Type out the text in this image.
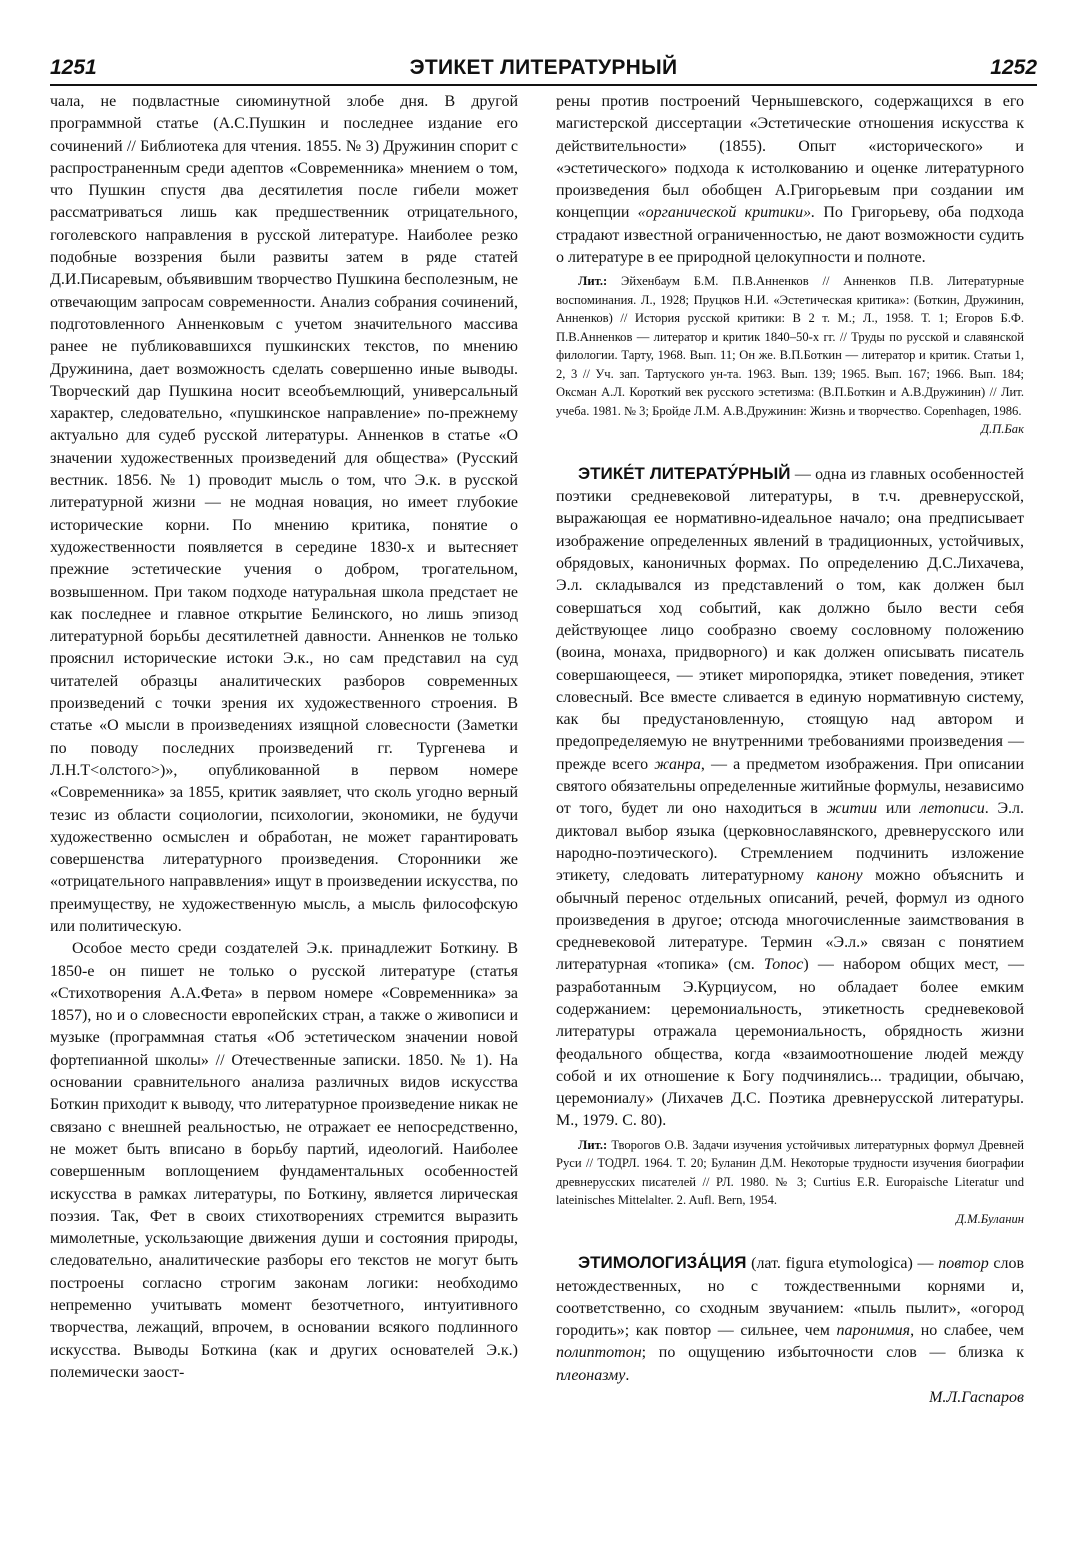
1251	ЭТИКЕТ ЛИТЕРАТУРНЫЙ	1252

чала, не подвластные сиюминутной злобе дня. В другой программной статье (А.С.Пушкин и последнее издание его сочинений // Библиотека для чтения. 1855. № 3) Дружинин спорит с распространенным среди адептов «Современника» мнением о том, что Пушкин спустя два десятилетия после гибели может рассматриваться лишь как предшественник отрицательного, гоголевского направления в русской литературе. Наиболее резко подобные воззрения были развиты затем в ряде статей Д.И.Писаревым, объявившим творчество Пушкина бесполезным, не отвечающим запросам современности. Анализ собрания сочинений, подготовленного Анненковым с учетом значительного массива ранее не публиковавшихся пушкинских текстов, по мнению Дружинина, дает возможность сделать совершенно иные выводы. Творческий дар Пушкина носит всеобъемлющий, универсальный характер, следовательно, «пушкинское направление» по-прежнему актуально для судеб русской литературы. Анненков в статье «О значении художественных произведений для общества» (Русский вестник. 1856. № 1) проводит мысль о том, что Э.к. в русской литературной жизни — не модная новация, но имеет глубокие исторические корни. По мнению критика, понятие о художественности появляется в середине 1830-х и вытесняет прежние эстетические учения о добром, трогательном, возвышенном. При таком подходе натуральная школа предстает не как последнее и главное открытие Белинского, но лишь эпизод литературной борьбы десятилетней давности. Анненков не только прояснил исторические истоки Э.к., но сам представил на суд читателей образцы аналитических разборов современных произведений с точки зрения их художественного строения. В статье «О мысли в произведениях изящной словесности (Заметки по поводу последних произведений гг. Тургенева и Л.Н.Т<олстого>)», опубликованной в первом номере «Современника» за 1855, критик заявляет, что сколь угодно верный тезис из области социологии, психологии, экономики, не будучи художественно осмыслен и обработан, не может гарантировать совершенства литературного произведения. Сторонники же «отрицательного направвления» ищут в произведении искусства, по преимуществу, не художественную мысль, а мысль философскую или политическую.

Особое место среди создателей Э.к. принадлежит Боткину. В 1850-е он пишет не только о русской литературе (статья «Стихотворения А.А.Фета» в первом номере «Современника» за 1857), но и о словесности европейских стран, а также о живописи и музыке (программная статья «Об эстетическом значении новой фортепианной школы» // Отечественные записки. 1850. № 1). На основании сравнительного анализа различных видов искусства Боткин приходит к выводу, что литературное произведение никак не связано с внешней реальностью, не отражает ее непосредственно, не может быть вписано в борьбу партий, идеологий. Наиболее совершенным воплощением фундаментальных особенностей искусства в рамках литературы, по Боткину, является лирическая поэзия. Так, Фет в своих стихотворениях стремится выразить мимолетные, ускользающие движения души и состояния природы, следовательно, аналитические разборы его текстов не могут быть построены согласно строгим законам логики: необходимо непременно учитывать момент безотчетного, интуитивного творчества, лежащий, впрочем, в основании всякого подлинного искусства. Выводы Боткина (как и других основателей Э.к.) полемически заост-

рены против построений Чернышевского, содержащихся в его магистерской диссертации «Эстетические отношения искусства к действительности» (1855). Опыт «исторического» и «эстетического» подхода к истолкованию и оценке литературного произведения был обобщен А.Григорьевым при создании им концепции «органической критики». По Григорьеву, оба подхода страдают известной ограниченностью, не дают возможности судить о литературе в ее природной целокупности и полноте.

Лит.: Эйхенбаум Б.М. П.В.Анненков // Анненков П.В. Литературные воспоминания. Л., 1928; Пруцков Н.И. «Эстетическая критика»: (Боткин, Дружинин, Анненков) // История русской критики: В 2 т. М.; Л., 1958. Т. 1; Егоров Б.Ф. П.В.Анненков — литератор и критик 1840–50-х гг. // Труды по русской и славянской филологии. Тарту, 1968. Вып. 11; Он же. В.П.Боткин — литератор и критик. Статьи 1, 2, 3 // Уч. зап. Тартуского ун-та. 1963. Вып. 139; 1965. Вып. 167; 1966. Вып. 184; Оксман А.Л. Короткий век русского эстетизма: (В.П.Боткин и А.В.Дружинин) // Лит. учеба. 1981. № 3; Бройде Л.М. А.В.Дружинин: Жизнь и творчество. Copenhagen, 1986.
Д.П.Бак

ЭТИКЕ́Т ЛИТЕРАТУ́РНЫЙ — одна из главных особенностей поэтики средневековой литературы, в т.ч. древнерусской, выражающая ее нормативно-идеальное начало; она предписывает изображение определенных явлений в традиционных, устойчивых, обрядовых, каноничных формах. По определению Д.С.Лихачева, Э.л. складывался из представлений о том, как должен был совершаться ход событий, как должно было вести себя действующее лицо сообразно своему сословному положению (воина, монаха, придворного) и как должен описывать писатель совершающееся, — этикет миропорядка, этикет поведения, этикет словесный. Все вместе сливается в единую нормативную систему, как бы предустановленную, стоящую над автором и предопределяемую не внутренними требованиями произведения — прежде всего жанра, — а предметом изображения. При описании святого обязательны определенные житийные формулы, независимо от того, будет ли оно находиться в житии или летописи. Э.л. диктовал выбор языка (церковнославянского, древнерусского или народно-поэтического). Стремлением подчинить изложение этикету, следовать литературному канону можно объяснить и обычный перенос отдельных описаний, речей, формул из одного произведения в другое; отсюда многочисленные заимствования в средневековой литературе. Термин «Э.л.» связан с понятием литературная «топика» (см. Топос) — набором общих мест, — разработанным Э.Курциусом, но обладает более емким содержанием: церемониальность, этикетность средневековой литературы отражала церемониальность, обрядность жизни феодального общества, когда «взаимоотношение людей между собой и их отношение к Богу подчинялись... традиции, обычаю, церемониалу» (Лихачев Д.С. Поэтика древнерусской литературы. М., 1979. С. 80).

Лит.: Творогов О.В. Задачи изучения устойчивых литературных формул Древней Руси // ТОДРЛ. 1964. Т. 20; Буланин Д.М. Некоторые трудности изучения биографии древнерусских писателей // РЛ. 1980. № 3; Curtius E.R. Europaische Literatur und lateinisches Mittelalter. 2. Aufl. Bern, 1954.
Д.М.Буланин

ЭТИМОЛОГИЗА́ЦИЯ (лат. figura etymologica) — повтор слов нетождественных, но с тождественными корнями и, соответственно, со сходным звучанием: «пыль пылит», «огород городить»; как повтор — сильнее, чем паронимия, но слабее, чем полиптотон; по ощущению избыточности слов — близка к плеоназму.
М.Л.Гаспаров
